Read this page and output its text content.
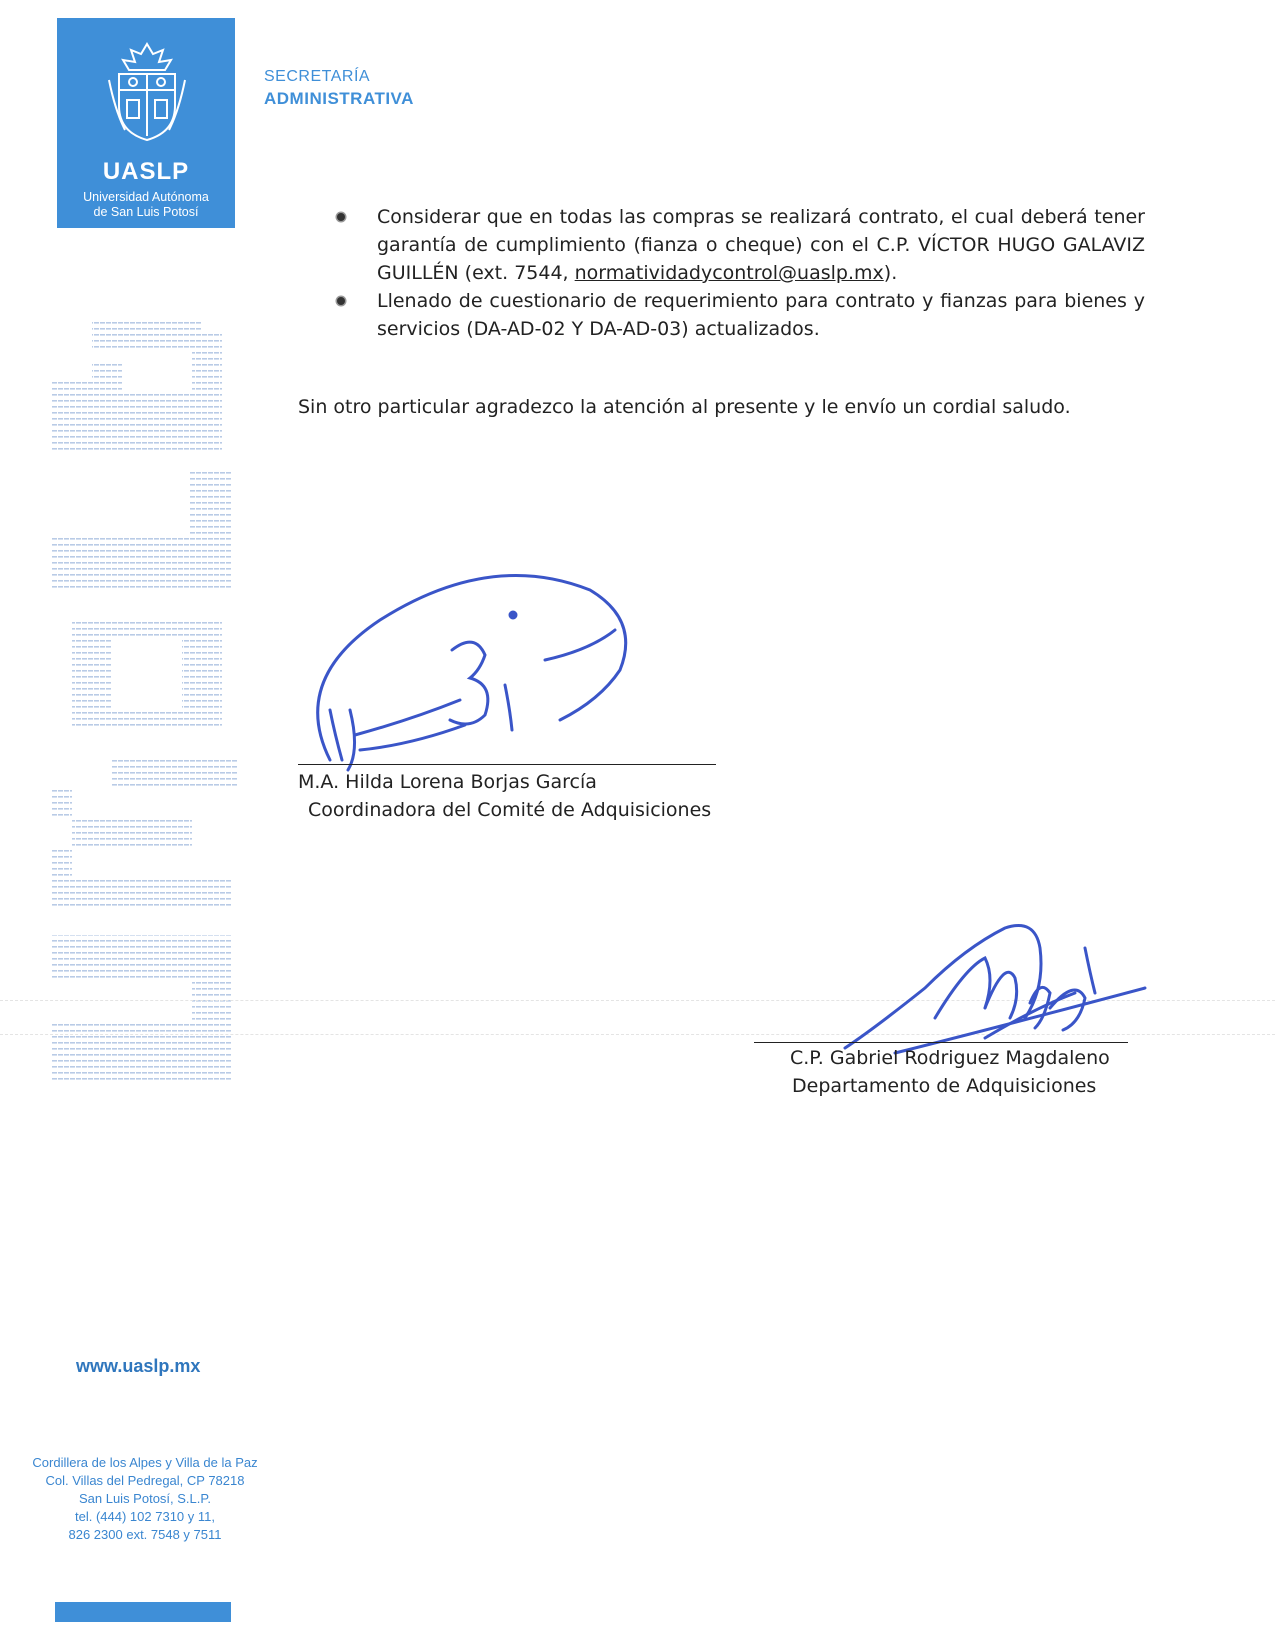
UASLP
Universidad Autónoma
de San Luis Potosí
SECRETARÍA
ADMINISTRATIVA
Considerar que en todas las compras se realizará contrato, el cual deberá tener garantía de cumplimiento (fianza o cheque) con el C.P. VÍCTOR HUGO GALAVIZ GUILLÉN (ext. 7544, normatividadycontrol@uaslp.mx).
Llenado de cuestionario de requerimiento para contrato y fianzas para bienes y servicios (DA-AD-02 Y DA-AD-03) actualizados.
Sin otro particular agradezco la atención al presente y le envío un cordial saludo.
M.A. Hilda Lorena Borjas García
Coordinadora del Comité de Adquisiciones
C.P. Gabriel Rodriguez Magdaleno
Departamento de Adquisiciones
www.uaslp.mx
Cordillera de los Alpes y Villa de la Paz
Col. Villas del Pedregal, CP 78218
San Luis Potosí, S.L.P.
tel. (444) 102 7310 y 11,
826 2300 ext. 7548 y 7511
